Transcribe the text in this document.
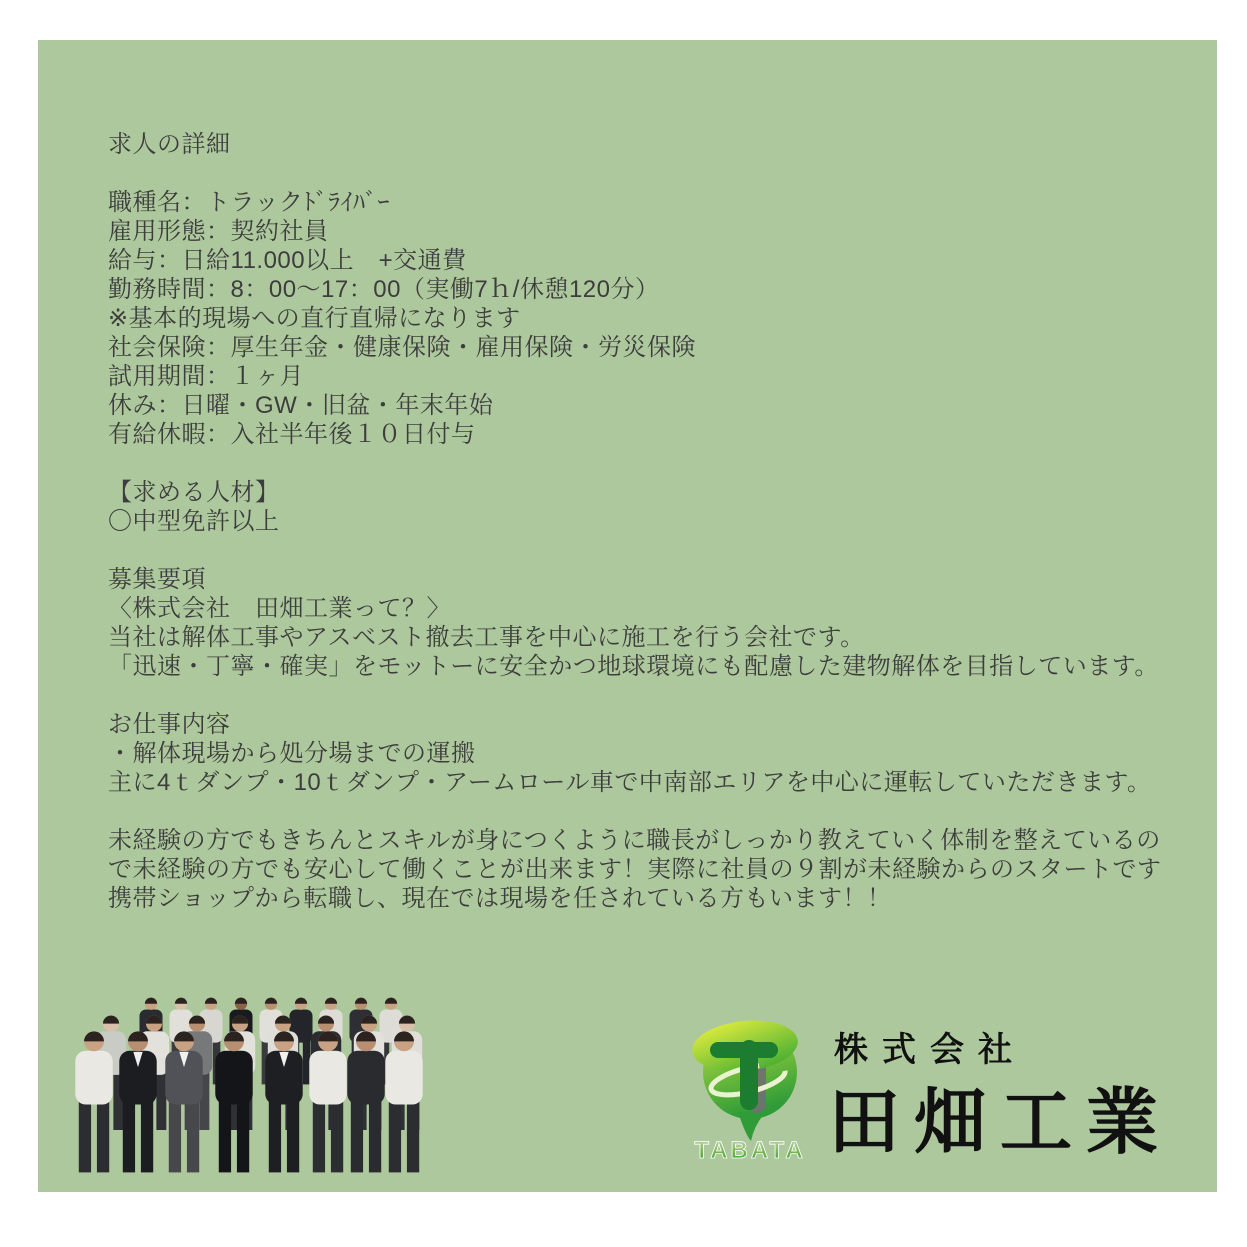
求人の詳細
職種名：トラックﾄﾞﾗｲﾊﾞｰ
雇用形態：契約社員
給与：日給11.000以上　+交通費
勤務時間：8：00～17：00（実働7ｈ/休憩120分）
※基本的現場への直行直帰になります
社会保険：厚生年金・健康保険・雇用保険・労災保険
試用期間：１ヶ月
休み：日曜・GW・旧盆・年末年始
有給休暇：入社半年後１０日付与
【求める人材】
〇中型免許以上
募集要項
〈株式会社　田畑工業って？〉
当社は解体工事やアスベスト撤去工事を中心に施工を行う会社です。
「迅速・丁寧・確実」をモットーに安全かつ地球環境にも配慮した建物解体を目指しています。
お仕事内容
・解体現場から処分場までの運搬
主に4ｔダンプ・10ｔダンプ・アームロール車で中南部エリアを中心に運転していただきます。
未経験の方でもきちんとスキルが身につくように職長がしっかり教えていく体制を整えているの
で未経験の方でも安心して働くことが出来ます！実際に社員の９割が未経験からのスタートです
携帯ショップから転職し、現在では現場を任されている方もいます！！
TABATA
株式会社
田畑工業
